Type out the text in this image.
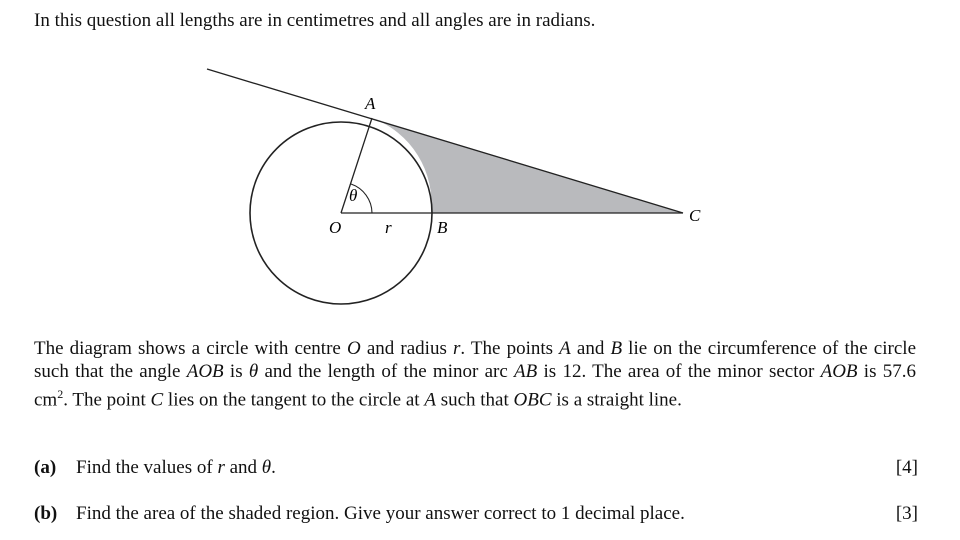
In this question all lengths are in centimetres and all angles are in radians.
A
θ
O	r	B
C

The diagram shows a circle with centre O and radius r. The points A and B lie on the circumference of the circle such that the angle AOB is θ and the length of the minor arc AB is 12. The area of the minor sector AOB is 57.6 $cm^2$. The point C lies on the tangent to the circle at A such that OBC is a straight line.

(a) Find the values of r and θ.	[4]
(b) Find the area of the shaded region. Give your answer correct to 1 decimal place.	[3]
